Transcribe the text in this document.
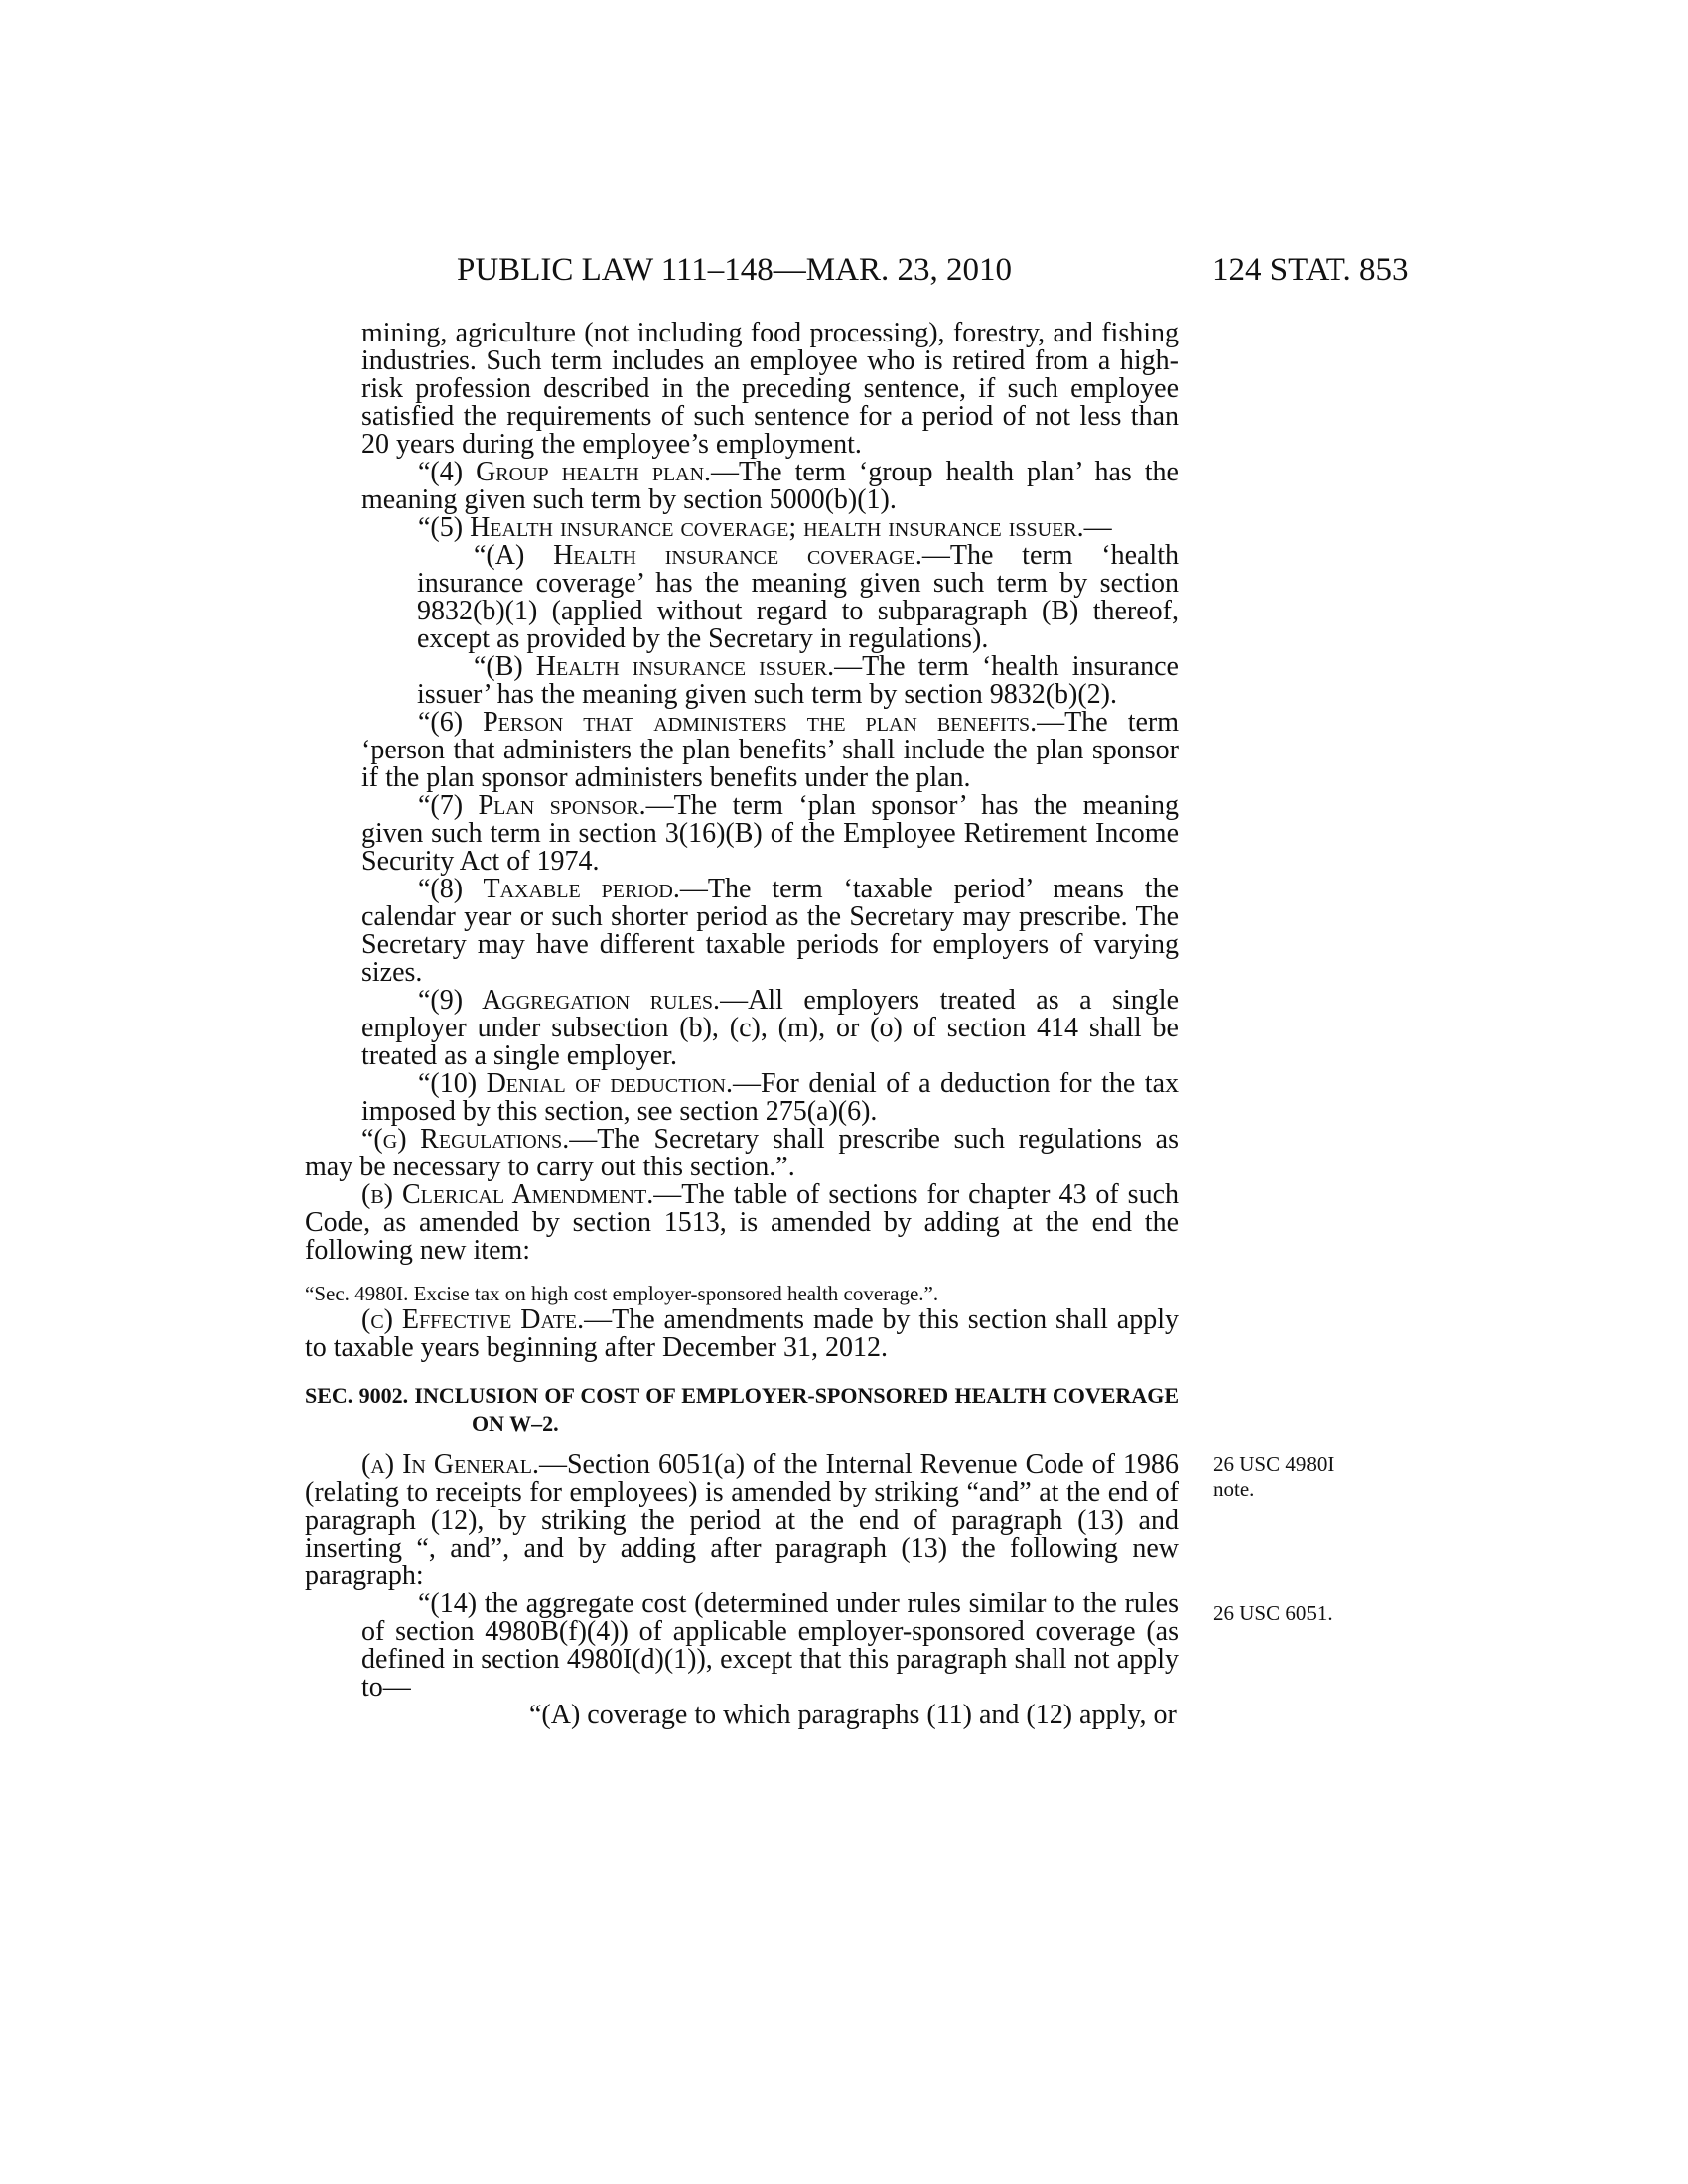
PUBLIC LAW 111–148—MAR. 23, 2010	124 STAT. 853

mining, agriculture (not including food processing), forestry, and fishing industries. Such term includes an employee who is retired from a high-risk profession described in the preceding sentence, if such employee satisfied the requirements of such sentence for a period of not less than 20 years during the employee’s employment.

“(4) Group health plan.—The term ‘group health plan’ has the meaning given such term by section 5000(b)(1).

“(5) Health insurance coverage; health insurance issuer.—

“(A) Health insurance coverage.—The term ‘health insurance coverage’ has the meaning given such term by section 9832(b)(1) (applied without regard to subparagraph (B) thereof, except as provided by the Secretary in regulations).

“(B) Health insurance issuer.—The term ‘health insurance issuer’ has the meaning given such term by section 9832(b)(2).

“(6) Person that administers the plan benefits.—The term ‘person that administers the plan benefits’ shall include the plan sponsor if the plan sponsor administers benefits under the plan.

“(7) Plan sponsor.—The term ‘plan sponsor’ has the meaning given such term in section 3(16)(B) of the Employee Retirement Income Security Act of 1974.

“(8) Taxable period.—The term ‘taxable period’ means the calendar year or such shorter period as the Secretary may prescribe. The Secretary may have different taxable periods for employers of varying sizes.

“(9) Aggregation rules.—All employers treated as a single employer under subsection (b), (c), (m), or (o) of section 414 shall be treated as a single employer.

“(10) Denial of deduction.—For denial of a deduction for the tax imposed by this section, see section 275(a)(6).

“(g) Regulations.—The Secretary shall prescribe such regulations as may be necessary to carry out this section.”.

(b) Clerical Amendment.—The table of sections for chapter 43 of such Code, as amended by section 1513, is amended by adding at the end the following new item:

“Sec. 4980I. Excise tax on high cost employer-sponsored health coverage.”.

(c) Effective Date.—The amendments made by this section shall apply to taxable years beginning after December 31, 2012.

SEC. 9002. INCLUSION OF COST OF EMPLOYER-SPONSORED HEALTH COVERAGE ON W–2.

(a) In General.—Section 6051(a) of the Internal Revenue Code of 1986 (relating to receipts for employees) is amended by striking “and” at the end of paragraph (12), by striking the period at the end of paragraph (13) and inserting “, and”, and by adding after paragraph (13) the following new paragraph:

“(14) the aggregate cost (determined under rules similar to the rules of section 4980B(f)(4)) of applicable employer-sponsored coverage (as defined in section 4980I(d)(1)), except that this paragraph shall not apply to—

“(A) coverage to which paragraphs (11) and (12) apply, or

26 USC 4980I
note.
26 USC 6051.
